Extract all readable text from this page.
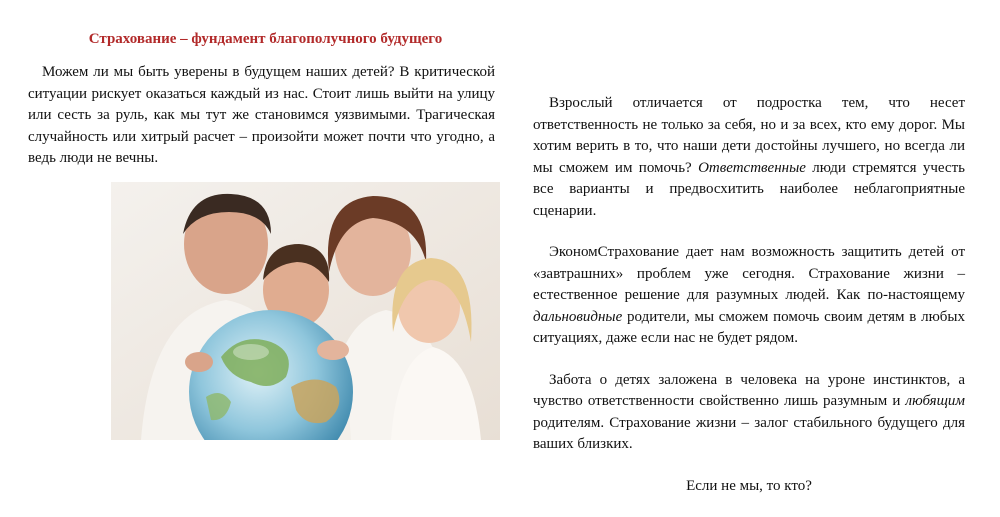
Страхование – фундамент благополучного будущего

Можем ли мы быть уверены в будущем наших детей? В критической ситуации рискует оказаться каждый из нас. Стоит лишь выйти на улицу или сесть за руль, как мы тут же становимся уязвимыми. Трагическая случайность или хитрый расчет – произойти может почти что угодно, а ведь люди не вечны.

Взрослый отличается от подростка тем, что несет ответственность не только за себя, но и за всех, кто ему дорог. Мы хотим верить в то, что наши дети достойны лучшего, но всегда ли мы сможем им помочь? Ответственные люди стремятся учесть все варианты и предвосхитить наиболее неблагоприятные сценарии.

ЭкономСтрахование дает нам возможность защитить детей от «завтрашних» проблем уже сегодня. Страхование жизни – естественное решение для разумных людей. Как по-настоящему дальновидные родители, мы сможем помочь своим детям в любых ситуациях, даже если нас не будет рядом.

Забота о детях заложена в человека на уроне инстинктов, а чувство ответственности свойственно лишь разумным и любящим родителям. Страхование жизни – залог стабильного будущего для ваших близких.

Если не мы, то кто?
